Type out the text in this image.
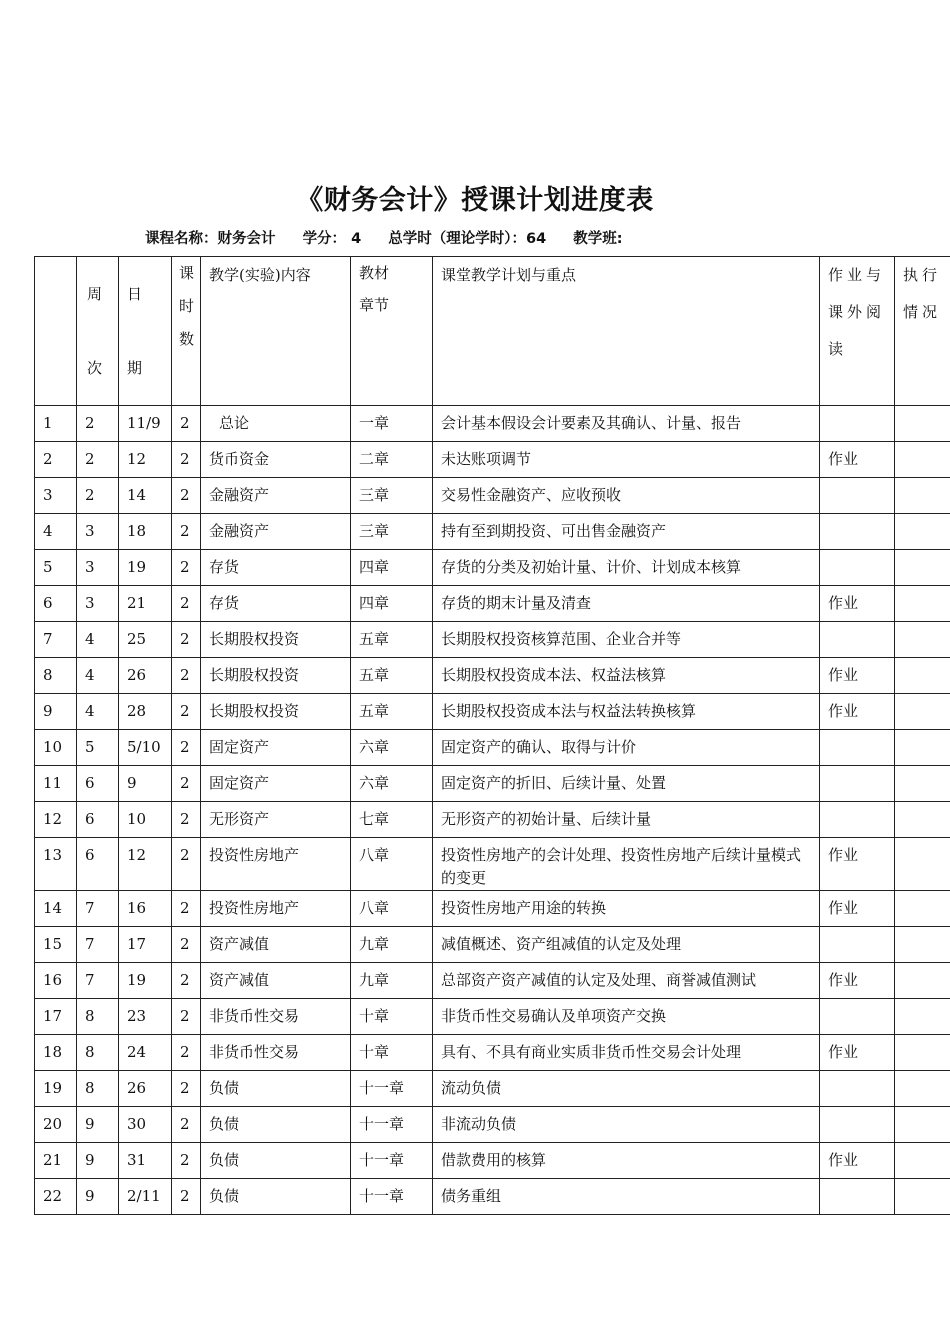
《财务会计》授课计划进度表
课程名称：财务会计 学分： 4 总学时（理论学时）：64 教学班:

	周次	日期	课时数	教学(实验)内容	教材章节	课堂教学计划与重点	作业与课外阅读	执行情况
1	2	11/9	2	总论	一章	会计基本假设会计要素及其确认、计量、报告		
2	2	12	2	货币资金	二章	未达账项调节	作业	
3	2	14	2	金融资产	三章	交易性金融资产、应收预收		
4	3	18	2	金融资产	三章	持有至到期投资、可出售金融资产		
5	3	19	2	存货	四章	存货的分类及初始计量、计价、计划成本核算		
6	3	21	2	存货	四章	存货的期末计量及清查	作业	
7	4	25	2	长期股权投资	五章	长期股权投资核算范围、企业合并等		
8	4	26	2	长期股权投资	五章	长期股权投资成本法、权益法核算	作业	
9	4	28	2	长期股权投资	五章	长期股权投资成本法与权益法转换核算	作业	
10	5	5/10	2	固定资产	六章	固定资产的确认、取得与计价		
11	6	9	2	固定资产	六章	固定资产的折旧、后续计量、处置		
12	6	10	2	无形资产	七章	无形资产的初始计量、后续计量		
13	6	12	2	投资性房地产	八章	投资性房地产的会计处理、投资性房地产后续计量模式的变更	作业	
14	7	16	2	投资性房地产	八章	投资性房地产用途的转换	作业	
15	7	17	2	资产减值	九章	减值概述、资产组减值的认定及处理		
16	7	19	2	资产减值	九章	总部资产资产减值的认定及处理、商誉减值测试	作业	
17	8	23	2	非货币性交易	十章	非货币性交易确认及单项资产交换		
18	8	24	2	非货币性交易	十章	具有、不具有商业实质非货币性交易会计处理	作业	
19	8	26	2	负债	十一章	流动负债		
20	9	30	2	负债	十一章	非流动负债		
21	9	31	2	负债	十一章	借款费用的核算	作业	
22	9	2/11	2	负债	十一章	债务重组		
